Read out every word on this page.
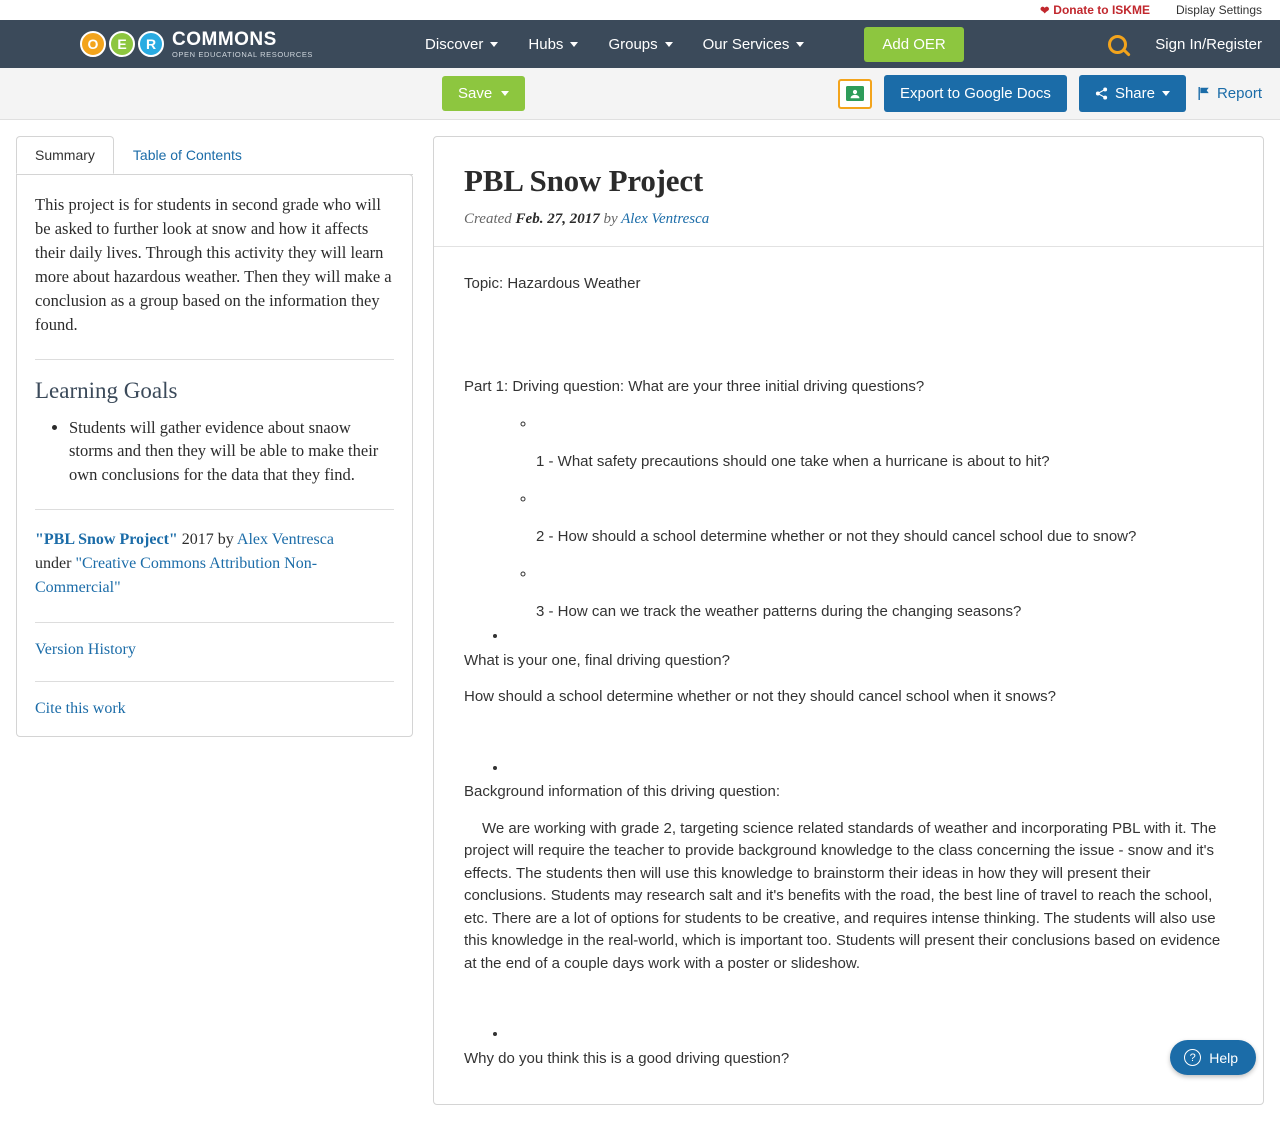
❤ Donate to ISKME Display Settings
O	E	R COMMONS
OPEN EDUCATIONAL RESOURCES
Discover	Hubs	Groups	Our Services	Add OER	Sign In/Register
Save	Export to Google Docs	Share	Report
Summary	Table of Contents
This project is for students in second grade who will be asked to further look at snow and how it affects their daily lives. Through this activity they will learn more about hazardous weather. Then they will make a conclusion as a group based on the information they found.
Learning Goals
• Students will gather evidence about snaow storms and then they will be able to make their own conclusions for the data that they find.
"PBL Snow Project" 2017 by Alex Ventresca
under "Creative Commons Attribution Non-Commercial"
Version History
Cite this work
PBL Snow Project
Created Feb. 27, 2017 by Alex Ventresca

Topic: Hazardous Weather

Part 1: Driving question: What are your three initial driving questions?

◦
1 - What safety precautions should one take when a hurricane is about to hit?
◦
2 - How should a school determine whether or not they should cancel school due to snow?
◦
3 - How can we track the weather patterns during the changing seasons?
•

What is your one, final driving question?

How should a school determine whether or not they should cancel school when it snows?

•

Background information of this driving question:

We are working with grade 2, targeting science related standards of weather and incorporating PBL with it. The project will require the teacher to provide background knowledge to the class concerning the issue - snow and it's effects. The students then will use this knowledge to brainstorm their ideas in how they will present their conclusions. Students may research salt and it's benefits with the road, the best line of travel to reach the school, etc. There are a lot of options for students to be creative, and requires intense thinking. The students will also use this knowledge in the real-world, which is important too. Students will present their conclusions based on evidence at the end of a couple days work with a poster or slideshow.

•

Why do you think this is a good driving question?	? Help
